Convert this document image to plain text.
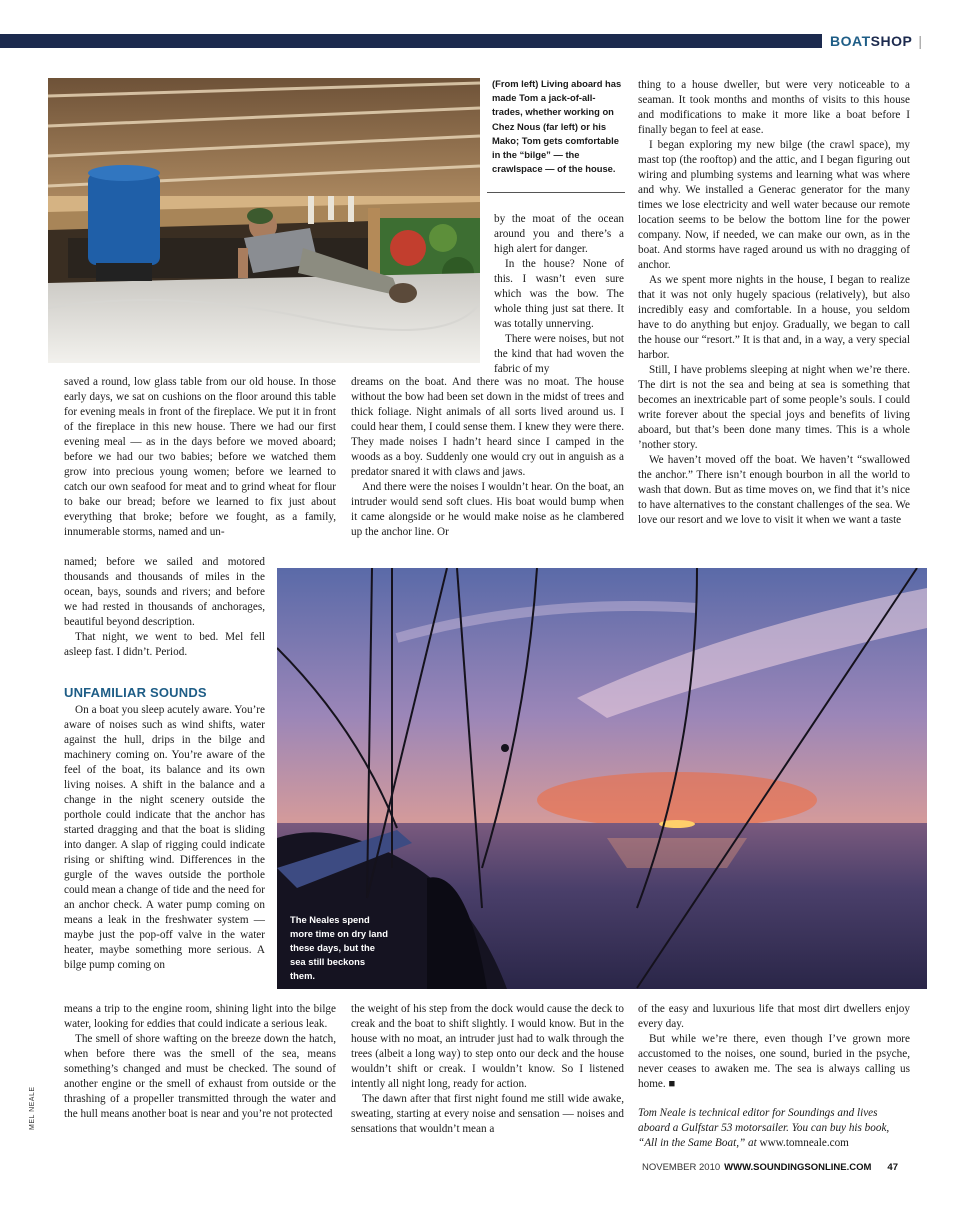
BOATSHOP |
(From left) Living aboard has made Tom a jack-of-all-trades, whether working on Chez Nous (far left) or his Mako; Tom gets comfortable in the “bilge” — the crawlspace — of the house.

by the moat of the ocean around you and there’s a high alert for danger.

In the house? None of this. I wasn’t even sure which was the bow. The whole thing just sat there. It was totally unnerving.

There were noises, but not the kind that had woven the fabric of my

thing to a house dweller, but were very noticeable to a seaman. It took months and months of visits to this house and modifications to make it more like a boat before I finally began to feel at ease.

I began exploring my new bilge (the crawl space), my mast top (the rooftop) and the attic, and I began figuring out wiring and plumbing systems and learning what was where and why. We installed a Generac generator for the many times we lose electricity and well water because our remote location seems to be below the bottom line for the power company. Now, if needed, we can make our own, as in the boat. And storms have raged around us with no dragging of anchor.

As we spent more nights in the house, I began to realize that it was not only hugely spacious (relatively), but also incredibly easy and comfortable. In a house, you seldom have to do anything but enjoy. Gradually, we began to call the house our “resort.” It is that and, in a way, a very special harbor.

Still, I have problems sleeping at night when we’re there. The dirt is not the sea and being at sea is something that becomes an inextricable part of some people’s souls. I could write forever about the special joys and benefits of living aboard, but that’s been done many times. This is a whole ’nother story.

We haven’t moved off the boat. We haven’t “swallowed the anchor.” There isn’t enough bourbon in all the world to wash that down. But as time moves on, we find that it’s nice to have alternatives to the constant challenges of the sea. We love our resort and we love to visit it when we want a taste

saved a round, low glass table from our old house. In those early days, we sat on cushions on the floor around this table for evening meals in front of the fireplace. We put it in front of the fireplace in this new house. There we had our first evening meal — as in the days before we moved aboard; before we had our two babies; before we watched them grow into precious young women; before we learned to catch our own seafood for meat and to grind wheat for flour to bake our bread; before we learned to fix just about everything that broke; before we fought, as a family, innumerable storms, named and un-

dreams on the boat. And there was no moat. The house without the bow had been set down in the midst of trees and thick foliage. Night animals of all sorts lived around us. I could hear them, I could sense them. I knew they were there. They made noises I hadn’t heard since I camped in the woods as a boy. Suddenly one would cry out in anguish as a predator snared it with claws and jaws.

And there were the noises I wouldn’t hear. On the boat, an intruder would send soft clues. His boat would bump when it came alongside or he would make noise as he clambered up the anchor line. Or

named; before we sailed and motored thousands and thousands of miles in the ocean, bays, sounds and rivers; and before we had rested in thousands of anchorages, beautiful beyond description.

That night, we went to bed. Mel fell asleep fast. I didn’t. Period.

UNFAMILIAR SOUNDS

On a boat you sleep acutely aware. You’re aware of noises such as wind shifts, water against the hull, drips in the bilge and machinery coming on. You’re aware of the feel of the boat, its balance and its own living noises. A shift in the balance and a change in the night scenery outside the porthole could indicate that the anchor has started dragging and that the boat is sliding into danger. A slap of rigging could indicate rising or shifting wind. Differences in the gurgle of the waves outside the porthole could mean a change of tide and the need for an anchor check. A water pump coming on means a leak in the freshwater system — maybe just the pop-off valve in the water heater, maybe something more serious. A bilge pump coming on

The Neales spend more time on dry land these days, but the sea still beckons them.
MEL NEALE

means a trip to the engine room, shining light into the bilge water, looking for eddies that could indicate a serious leak.

The smell of shore wafting on the breeze down the hatch, when before there was the smell of the sea, means something’s changed and must be checked. The sound of another engine or the smell of exhaust from outside or the thrashing of a propeller transmitted through the water and the hull means another boat is near and you’re not protected

the weight of his step from the dock would cause the deck to creak and the boat to shift slightly. I would know. But in the house with no moat, an intruder just had to walk through the trees (albeit a long way) to step onto our deck and the house wouldn’t shift or creak. I wouldn’t know. So I listened intently all night long, ready for action.

The dawn after that first night found me still wide awake, sweating, starting at every noise and sensation — noises and sensations that wouldn’t mean a

of the easy and luxurious life that most dirt dwellers enjoy every day.

But while we’re there, even though I’ve grown more accustomed to the noises, one sound, buried in the psyche, never ceases to awaken me. The sea is always calling us home. ■

Tom Neale is technical editor for Soundings and lives aboard a Gulfstar 53 motorsailer. You can buy his book, “All in the Same Boat,” at www.tomneale.com
NOVEMBER 2010 WWW.SOUNDINGSONLINE.COM 47
